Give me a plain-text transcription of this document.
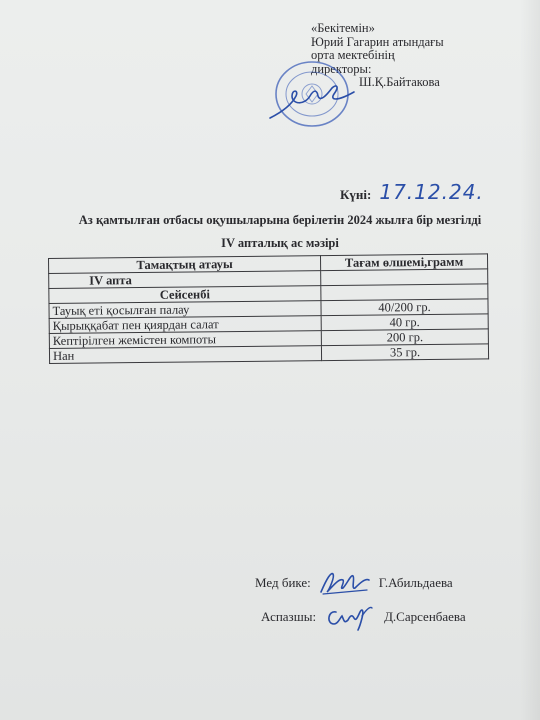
«Бекітемін»
Юрий Гагарин атындағы
орта мектебінің
директоры:
Ш.Қ.Байтакова
Күні: 17.12.24.
Аз қамтылған отбасы оқушыларына берілетін 2024 жылға бір мезгілді
IV апталық ас мәзірі
Тамақтың атауы	Тағам өлшемі,грамм
IV апта	
Сейсенбі	
Тауық еті қосылған палау	40/200 гр.
Қырыққабат пен қиярдан салат	40 гр.
Кептірілген жемістен компоты	200 гр.
Нан	35 гр.
Мед бике:	Г.Абильдаева
Аспазшы:	Д.Сарсенбаева
